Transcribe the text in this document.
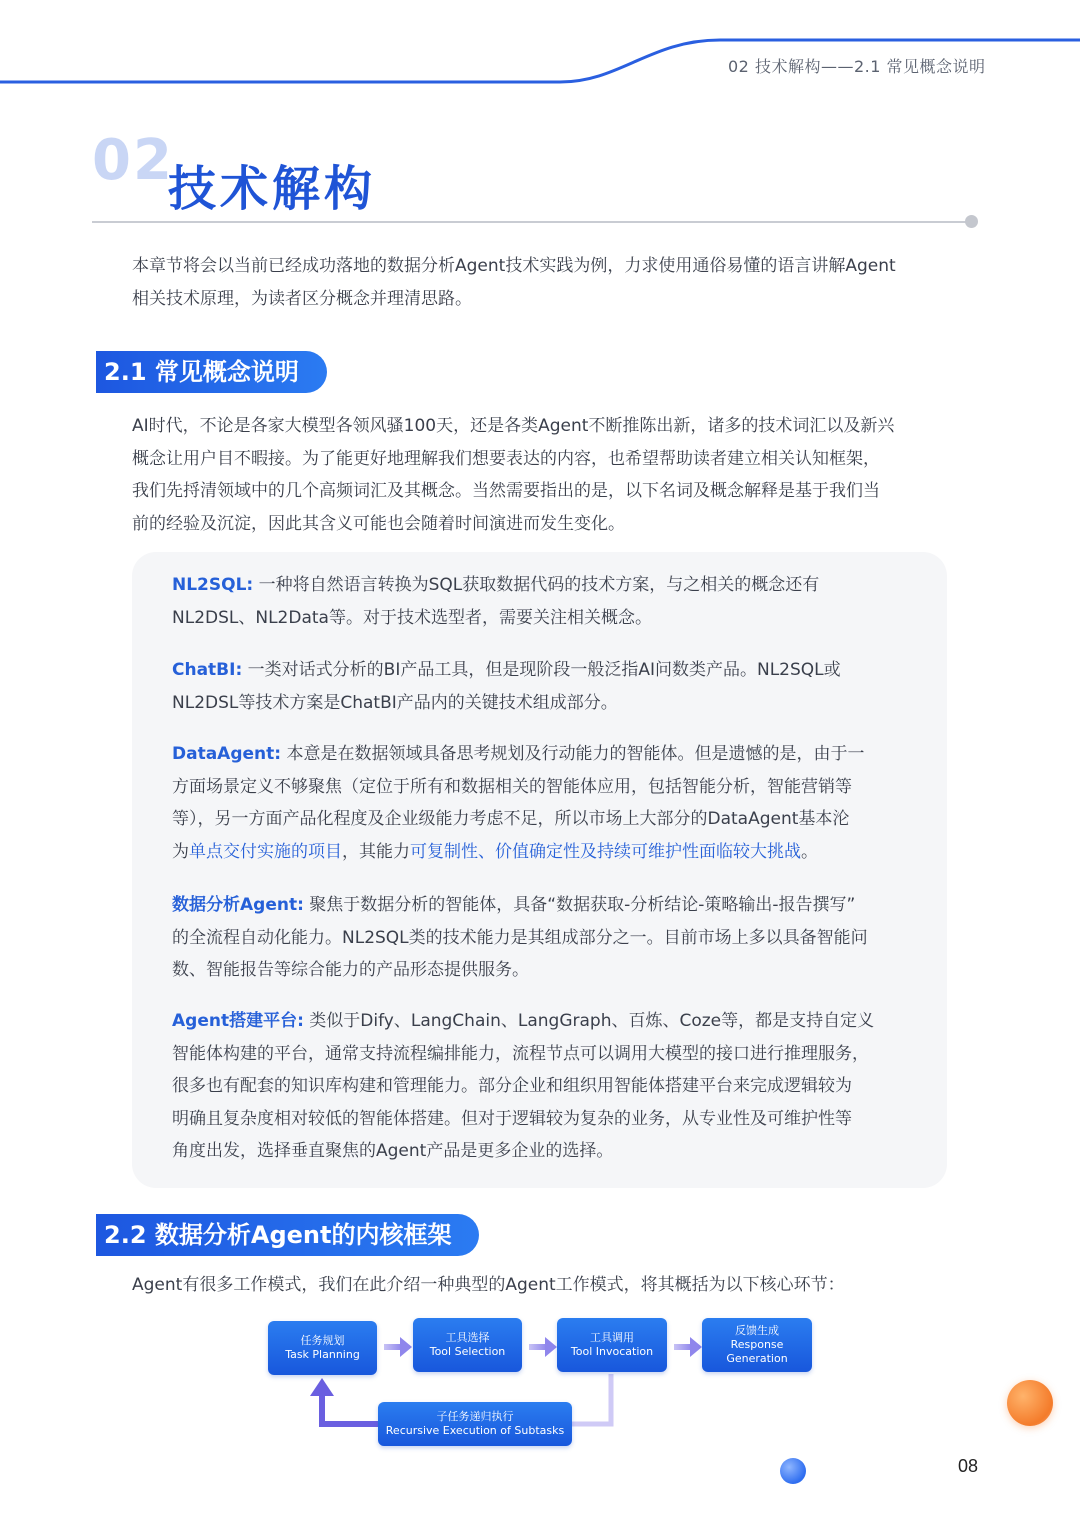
02 技术解构——2.1 常见概念说明
02
技术解构
本章节将会以当前已经成功落地的数据分析Agent技术实践为例，力求使用通俗易懂的语言讲解Agent
相关技术原理，为读者区分概念并理清思路。
2.1 常见概念说明
AI时代，不论是各家大模型各领风骚100天，还是各类Agent不断推陈出新，诸多的技术词汇以及新兴
概念让用户目不暇接。为了能更好地理解我们想要表达的内容，也希望帮助读者建立相关认知框架，
我们先捋清领域中的几个高频词汇及其概念。当然需要指出的是，以下名词及概念解释是基于我们当
前的经验及沉淀，因此其含义可能也会随着时间演进而发生变化。
NL2SQL: 一种将自然语言转换为SQL获取数据代码的技术方案，与之相关的概念还有
NL2DSL、NL2Data等。对于技术选型者，需要关注相关概念。
ChatBI: 一类对话式分析的BI产品工具，但是现阶段一般泛指AI问数类产品。NL2SQL或
NL2DSL等技术方案是ChatBI产品内的关键技术组成部分。
DataAgent: 本意是在数据领域具备思考规划及行动能力的智能体。但是遗憾的是，由于一
方面场景定义不够聚焦（定位于所有和数据相关的智能体应用，包括智能分析，智能营销等
等），另一方面产品化程度及企业级能力考虑不足，所以市场上大部分的DataAgent基本沦
为单点交付实施的项目，其能力可复制性、价值确定性及持续可维护性面临较大挑战。
数据分析Agent: 聚焦于数据分析的智能体，具备“数据获取-分析结论-策略输出-报告撰写”
的全流程自动化能力。NL2SQL类的技术能力是其组成部分之一。目前市场上多以具备智能问
数、智能报告等综合能力的产品形态提供服务。
Agent搭建平台: 类似于Dify、LangChain、LangGraph、百炼、Coze等，都是支持自定义
智能体构建的平台，通常支持流程编排能力，流程节点可以调用大模型的接口进行推理服务，
很多也有配套的知识库构建和管理能力。部分企业和组织用智能体搭建平台来完成逻辑较为
明确且复杂度相对较低的智能体搭建。但对于逻辑较为复杂的业务，从专业性及可维护性等
角度出发，选择垂直聚焦的Agent产品是更多企业的选择。
2.2 数据分析Agent的内核框架
Agent有很多工作模式，我们在此介绍一种典型的Agent工作模式，将其概括为以下核心环节：
任务规划
Task Planning
工具选择
Tool Selection
工具调用
Tool Invocation
反馈生成
Response
Generation
子任务递归执行
Recursive Execution of Subtasks
08
